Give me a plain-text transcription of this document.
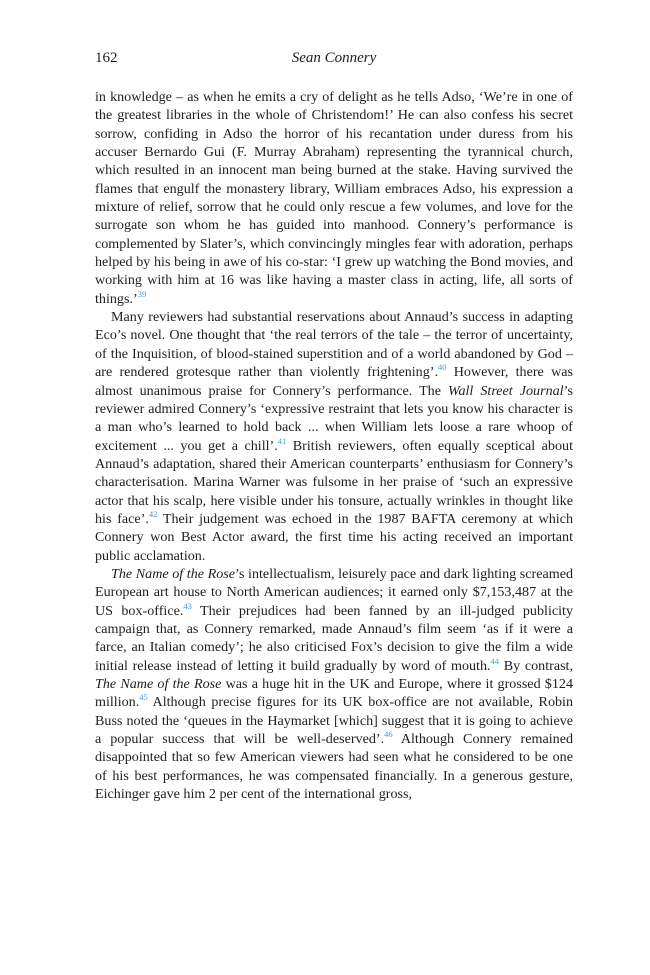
162	Sean Connery

in knowledge – as when he emits a cry of delight as he tells Adso, ‘We’re in one of the greatest libraries in the whole of Christendom!’ He can also confess his secret sorrow, confiding in Adso the horror of his recantation under duress from his accuser Bernardo Gui (F. Murray Abraham) representing the tyrannical church, which resulted in an innocent man being burned at the stake. Having survived the flames that engulf the monastery library, William embraces Adso, his expression a mixture of relief, sorrow that he could only rescue a few volumes, and love for the surrogate son whom he has guided into manhood. Connery’s performance is complemented by Slater’s, which convincingly mingles fear with adoration, perhaps helped by his being in awe of his co-star: ‘I grew up watching the Bond movies, and working with him at 16 was like having a master class in acting, life, all sorts of things.’$^{39}$

Many reviewers had substantial reservations about Annaud’s success in adapting Eco’s novel. One thought that ‘the real terrors of the tale – the terror of uncertainty, of the Inquisition, of blood-stained superstition and of a world abandoned by God – are rendered grotesque rather than violently frightening’.$^{40}$ However, there was almost unanimous praise for Connery’s performance. The Wall Street Journal’s reviewer admired Connery’s ‘expressive restraint that lets you know his character is a man who’s learned to hold back ... when William lets loose a rare whoop of excitement ... you get a chill’.$^{41}$ British reviewers, often equally sceptical about Annaud’s adaptation, shared their American counterparts’ enthusiasm for Connery’s characterisation. Marina Warner was fulsome in her praise of ‘such an expressive actor that his scalp, here visible under his tonsure, actually wrinkles in thought like his face’.$^{42}$ Their judgement was echoed in the 1987 BAFTA ceremony at which Connery won Best Actor award, the first time his acting received an important public acclamation.

The Name of the Rose’s intellectualism, leisurely pace and dark lighting screamed European art house to North American audiences; it earned only $7,153,487 at the US box-office.$^{43}$ Their prejudices had been fanned by an ill-judged publicity campaign that, as Connery remarked, made Annaud’s film seem ‘as if it were a farce, an Italian comedy’; he also criticised Fox’s decision to give the film a wide initial release instead of letting it build gradually by word of mouth.$^{44}$ By contrast, The Name of the Rose was a huge hit in the UK and Europe, where it grossed $124 million.$^{45}$ Although precise figures for its UK box-office are not available, Robin Buss noted the ‘queues in the Haymarket [which] suggest that it is going to achieve a popular success that will be well-deserved’.$^{46}$ Although Connery remained disappointed that so few American viewers had seen what he considered to be one of his best performances, he was compensated financially. In a generous gesture, Eichinger gave him 2 per cent of the international gross,
